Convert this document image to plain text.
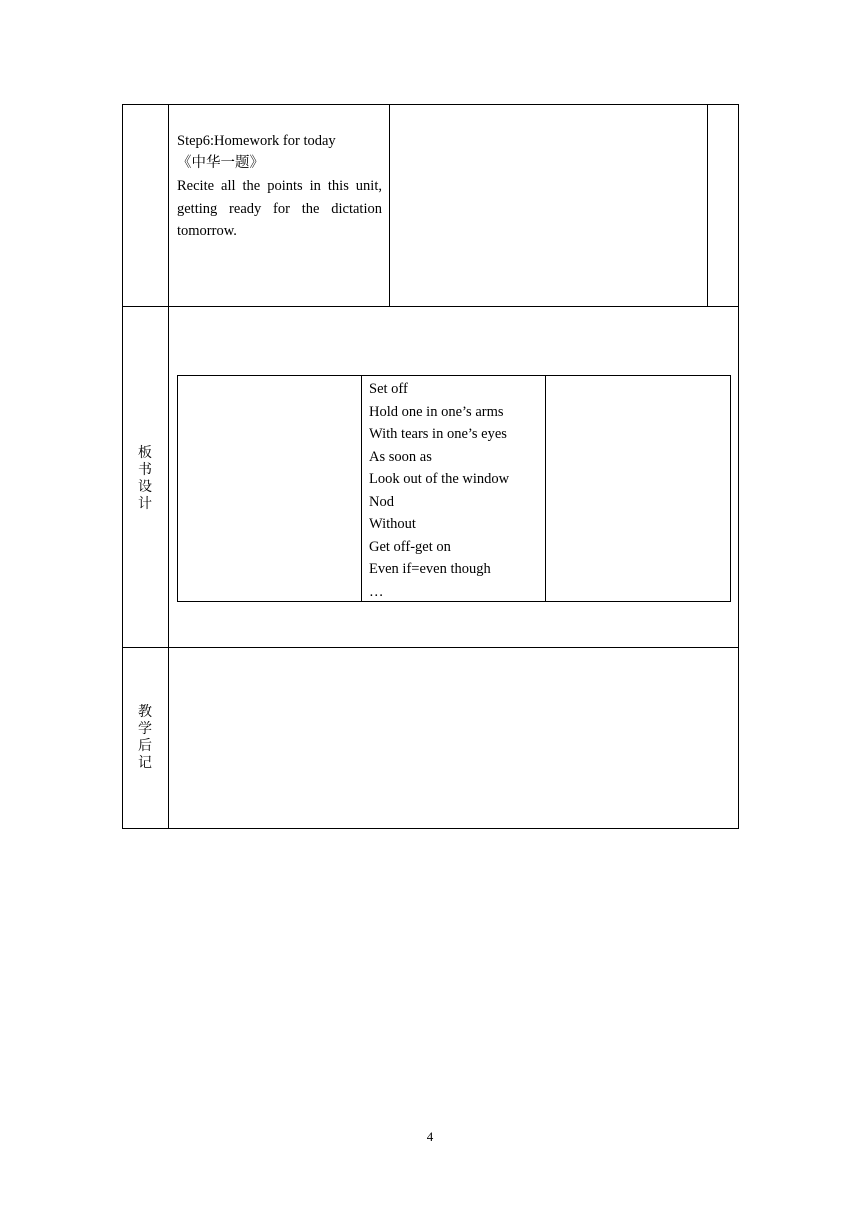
Step6:Homework for today
《中华一题》
Recite all the points in this unit, getting ready for the dictation tomorrow.
板书设计
Set off
Hold one in one’s arms
With tears in one’s eyes
As soon as
Look out of the window
Nod
Without
Get off-get on
Even if=even though
…
教学后记
4
